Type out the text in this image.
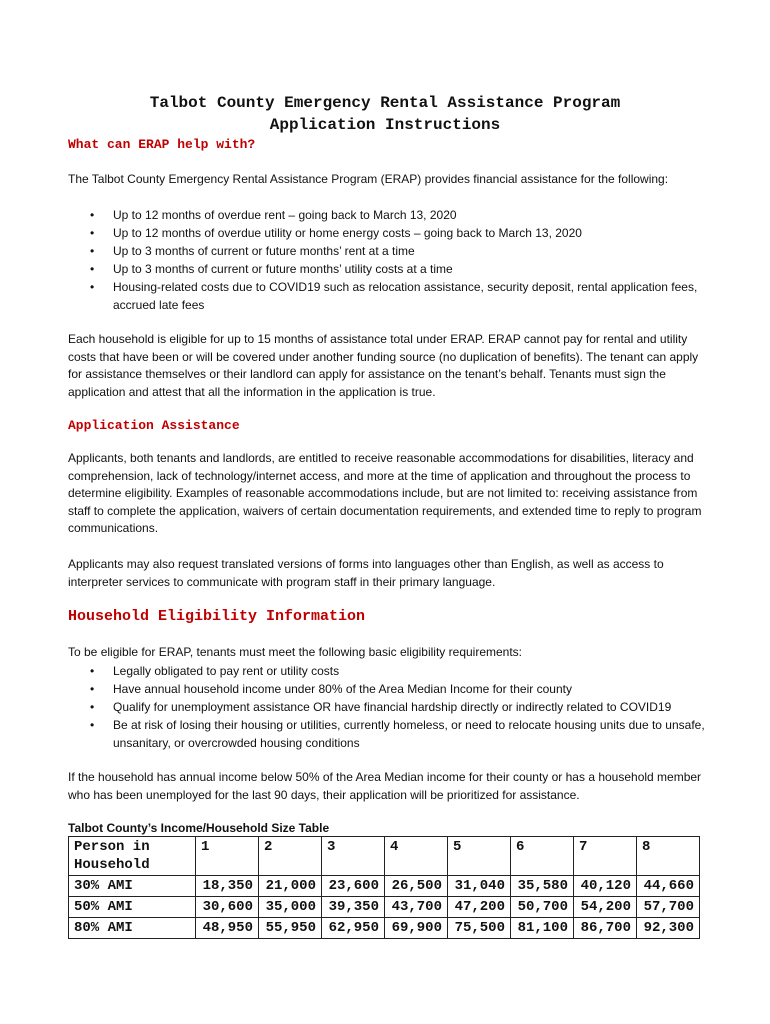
Talbot County Emergency Rental Assistance Program
Application Instructions
What can ERAP help with?
The Talbot County Emergency Rental Assistance Program (ERAP) provides financial assistance for the following:
• Up to 12 months of overdue rent – going back to March 13, 2020
• Up to 12 months of overdue utility or home energy costs – going back to March 13, 2020
• Up to 3 months of current or future months’ rent at a time
• Up to 3 months of current or future months’ utility costs at a time
• Housing-related costs due to COVID19 such as relocation assistance, security deposit, rental application fees, accrued late fees
Each household is eligible for up to 15 months of assistance total under ERAP. ERAP cannot pay for rental and utility costs that have been or will be covered under another funding source (no duplication of benefits). The tenant can apply for assistance themselves or their landlord can apply for assistance on the tenant’s behalf. Tenants must sign the application and attest that all the information in the application is true.
Application Assistance
Applicants, both tenants and landlords, are entitled to receive reasonable accommodations for disabilities, literacy and comprehension, lack of technology/internet access, and more at the time of application and throughout the process to determine eligibility. Examples of reasonable accommodations include, but are not limited to: receiving assistance from staff to complete the application, waivers of certain documentation requirements, and extended time to reply to program communications.
Applicants may also request translated versions of forms into languages other than English, as well as access to interpreter services to communicate with program staff in their primary language.
Household Eligibility Information
To be eligible for ERAP, tenants must meet the following basic eligibility requirements:
• Legally obligated to pay rent or utility costs
• Have annual household income under 80% of the Area Median Income for their county
• Qualify for unemployment assistance OR have financial hardship directly or indirectly related to COVID19
• Be at risk of losing their housing or utilities, currently homeless, or need to relocate housing units due to unsafe, unsanitary, or overcrowded housing conditions
If the household has annual income below 50% of the Area Median income for their county or has a household member who has been unemployed for the last 90 days, their application will be prioritized for assistance.
Talbot County’s Income/Household Size Table
Person in Household	1	2	3	4	5	6	7	8
30% AMI	18,350	21,000	23,600	26,500	31,040	35,580	40,120	44,660
50% AMI	30,600	35,000	39,350	43,700	47,200	50,700	54,200	57,700
80% AMI	48,950	55,950	62,950	69,900	75,500	81,100	86,700	92,300
